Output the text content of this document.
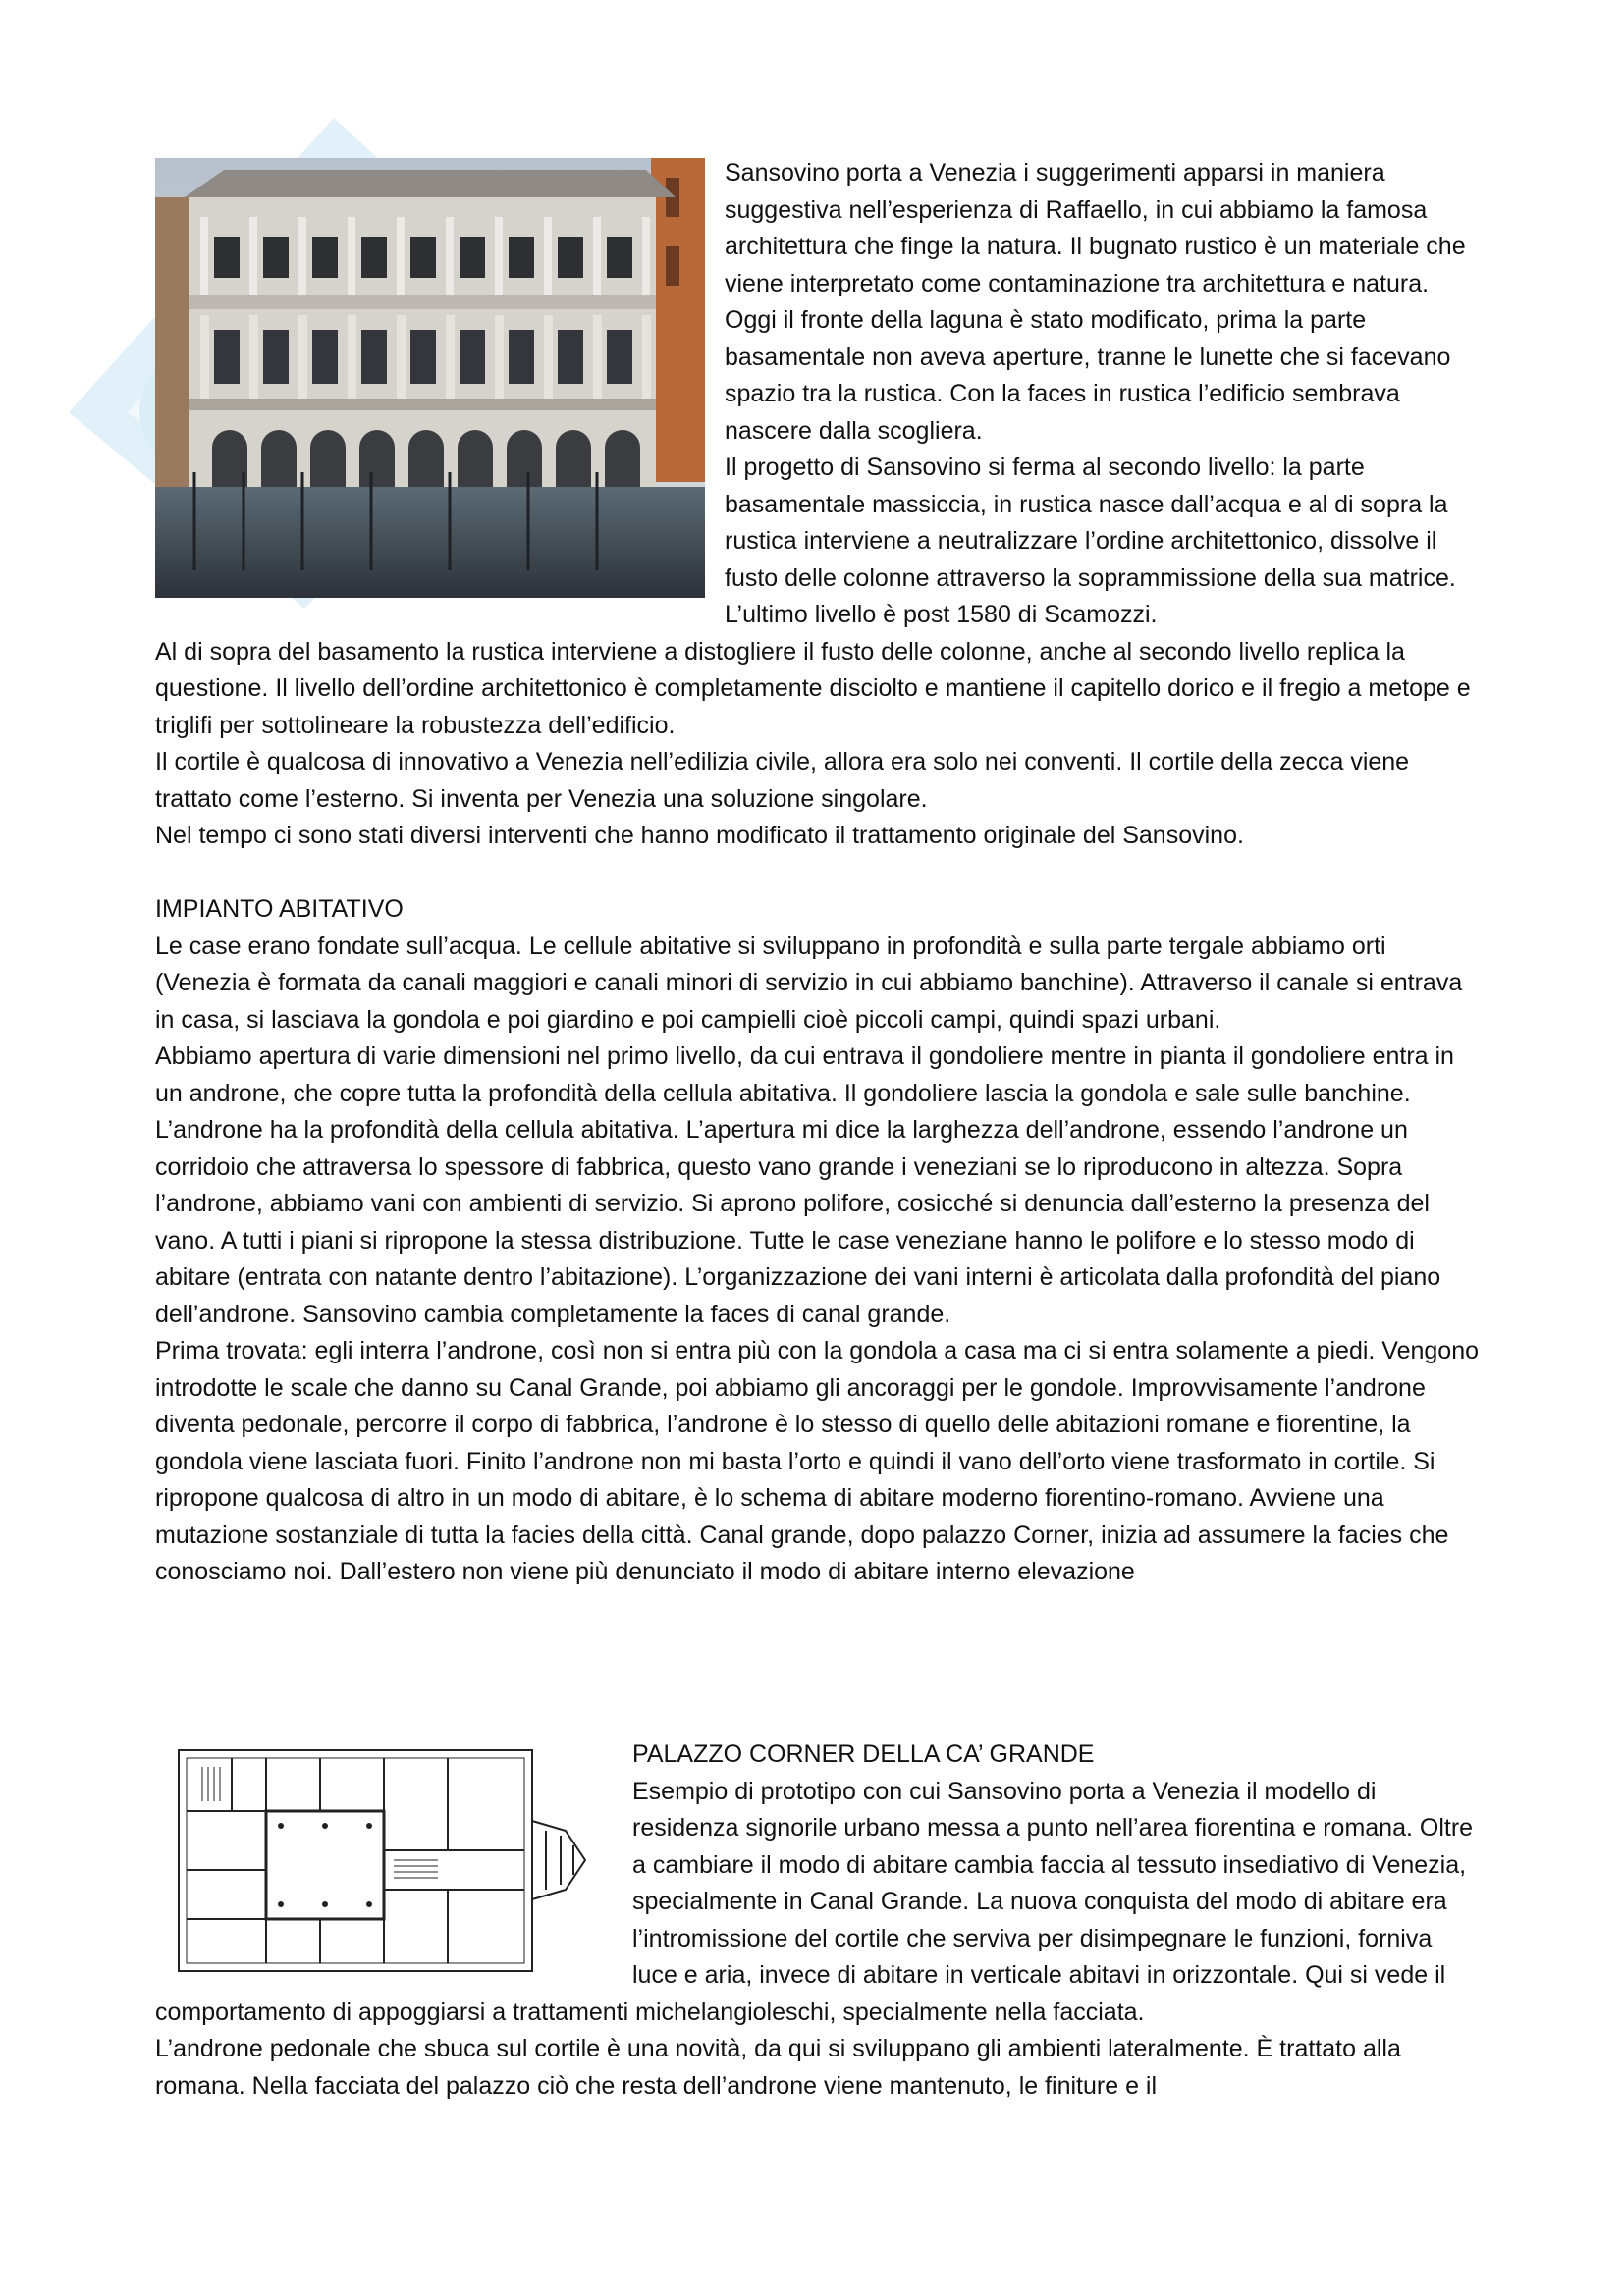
Sansovino porta a Venezia i suggerimenti apparsi in maniera suggestiva nell’esperienza di Raffaello, in cui abbiamo la famosa architettura che finge la natura. Il bugnato rustico è un materiale che viene interpretato come contaminazione tra architettura e natura. Oggi il fronte della laguna è stato modificato, prima la parte basamentale non aveva aperture, tranne le lunette che si facevano spazio tra la rustica. Con la faces in rustica l’edificio sembrava nascere dalla scogliera.

Il progetto di Sansovino si ferma al secondo livello: la parte basamentale massiccia, in rustica nasce dall’acqua e al di sopra la rustica interviene a neutralizzare l’ordine architettonico, dissolve il fusto delle colonne attraverso la soprammissione della sua matrice. L’ultimo livello è post 1580 di Scamozzi.

Al di sopra del basamento la rustica interviene a distogliere il fusto delle colonne, anche al secondo livello replica la questione. Il livello dell’ordine architettonico è completamente disciolto e mantiene il capitello dorico e il fregio a metope e triglifi per sottolineare la robustezza dell’edificio.

Il cortile è qualcosa di innovativo a Venezia nell’edilizia civile, allora era solo nei conventi. Il cortile della zecca viene trattato come l’esterno. Si inventa per Venezia una soluzione singolare.

Nel tempo ci sono stati diversi interventi che hanno modificato il trattamento originale del Sansovino.

IMPIANTO ABITATIVO

Le case erano fondate sull’acqua. Le cellule abitative si sviluppano in profondità e sulla parte tergale abbiamo orti (Venezia è formata da canali maggiori e canali minori di servizio in cui abbiamo banchine). Attraverso il canale si entrava in casa, si lasciava la gondola e poi giardino e poi campielli cioè piccoli campi, quindi spazi urbani.

Abbiamo apertura di varie dimensioni nel primo livello, da cui entrava il gondoliere mentre in pianta il gondoliere entra in un androne, che copre tutta la profondità della cellula abitativa. Il gondoliere lascia la gondola e sale sulle banchine. L’androne ha la profondità della cellula abitativa. L’apertura mi dice la larghezza dell’androne, essendo l’androne un corridoio che attraversa lo spessore di fabbrica, questo vano grande i veneziani se lo riproducono in altezza. Sopra l’androne, abbiamo vani con ambienti di servizio. Si aprono polifore, cosicché si denuncia dall’esterno la presenza del vano. A tutti i piani si ripropone la stessa distribuzione. Tutte le case veneziane hanno le polifore e lo stesso modo di abitare (entrata con natante dentro l’abitazione). L’organizzazione dei vani interni è articolata dalla profondità del piano dell’androne. Sansovino cambia completamente la faces di canal grande.

Prima trovata: egli interra l’androne, così non si entra più con la gondola a casa ma ci si entra solamente a piedi. Vengono introdotte le scale che danno su Canal Grande, poi abbiamo gli ancoraggi per le gondole. Improvvisamente l’androne diventa pedonale, percorre il corpo di fabbrica, l’androne è lo stesso di quello delle abitazioni romane e fiorentine, la gondola viene lasciata fuori. Finito l’androne non mi basta l’orto e quindi il vano dell’orto viene trasformato in cortile. Si ripropone qualcosa di altro in un modo di abitare, è lo schema di abitare moderno fiorentino-romano. Avviene una mutazione sostanziale di tutta la facies della città. Canal grande, dopo palazzo Corner, inizia ad assumere la facies che conosciamo noi. Dall’estero non viene più denunciato il modo di abitare interno elevazione

PALAZZO CORNER DELLA CA’ GRANDE

Esempio di prototipo con cui Sansovino porta a Venezia il modello di residenza signorile urbano messa a punto nell’area fiorentina e romana. Oltre a cambiare il modo di abitare cambia faccia al tessuto insediativo di Venezia, specialmente in Canal Grande. La nuova conquista del modo di abitare era l’intromissione del cortile che serviva per disimpegnare le funzioni, forniva luce e aria, invece di abitare in verticale abitavi in orizzontale. Qui si vede il comportamento di appoggiarsi a trattamenti michelangioleschi, specialmente nella facciata.

L’androne pedonale che sbuca sul cortile è una novità, da qui si sviluppano gli ambienti lateralmente. È trattato alla romana. Nella facciata del palazzo ciò che resta dell’androne viene mantenuto, le finiture e il
